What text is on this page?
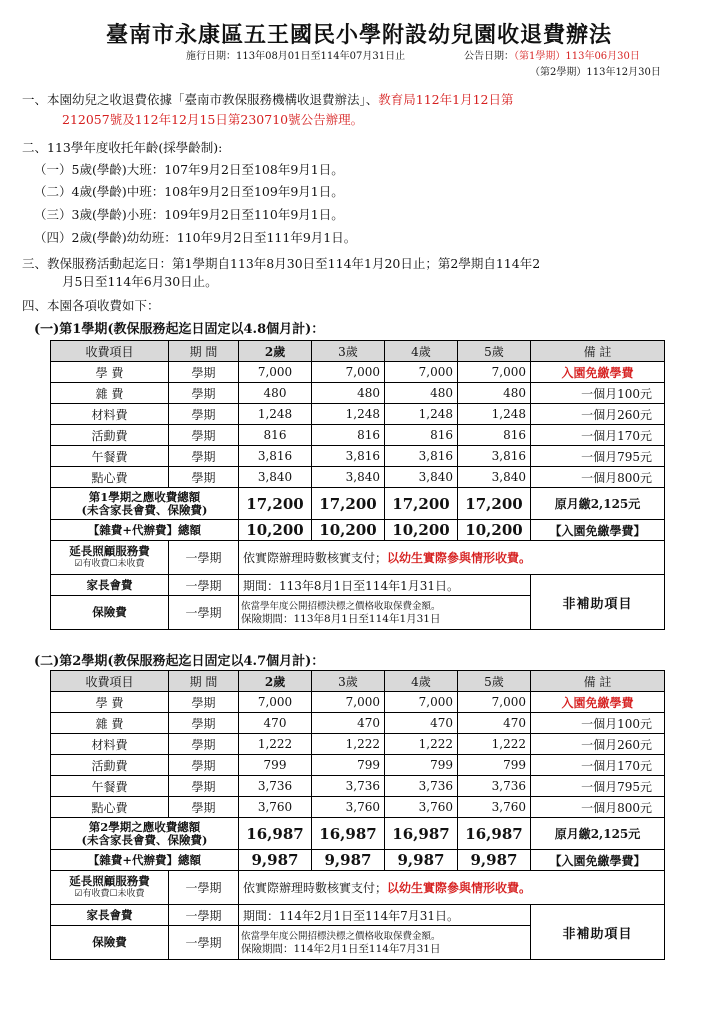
臺南市永康區五王國民小學附設幼兒園收退費辦法
施行日期：113年08月01日至114年07月31日止	公告日期：（第1學期）113年06月30日
（第2學期）113年12月30日
一、本園幼兒之收退費依據「臺南市教保服務機構收退費辦法」、教育局112年1月12日第
212057號及112年12月15日第230710號公告辦理。
二、113學年度收托年齡(採學齡制):
（一）5歲(學齡)大班：107年9月2日至108年9月1日。
（二）4歲(學齡)中班：108年9月2日至109年9月1日。
（三）3歲(學齡)小班：109年9月2日至110年9月1日。
（四）2歲(學齡)幼幼班：110年9月2日至111年9月1日。
三、教保服務活動起迄日：第1學期自113年8月30日至114年1月20日止；第2學期自114年2
月5日至114年6月30日止。
四、本園各項收費如下：
(一)第1學期(教保服務起迄日固定以4.8個月計)：
收費項目	期 間	2歲	3歲	4歲	5歲	備 註
學 費	學期	7,000	7,000	7,000	7,000	入園免繳學費
雜 費	學期	480	480	480	480	一個月100元
材料費	學期	1,248	1,248	1,248	1,248	一個月260元
活動費	學期	816	816	816	816	一個月170元
午餐費	學期	3,816	3,816	3,816	3,816	一個月795元
點心費	學期	3,840	3,840	3,840	3,840	一個月800元

第1學期之應收費總額
(未含家長會費、保險費)		17,200	17,200	17,200	17,200	原月繳2,125元
【雜費+代辦費】總額		10,200	10,200	10,200	10,200	【入園免繳學費】

延長照顧服務費
☑有收費☐未收費	一學期	依實際辦理時數核實支付；以幼生實際參與情形收費。				
家長會費	一學期	期間：113年8月1日至114年1月31日。				非補助項目
保險費	一學期	依當學年度公開招標決標之價格收取保費金額。
保險期間：113年8月1日至114年1月31日				
(二)第2學期(教保服務起迄日固定以4.7個月計)：
收費項目	期 間	2歲	3歲	4歲	5歲	備 註
學 費	學期	7,000	7,000	7,000	7,000	入園免繳學費
雜 費	學期	470	470	470	470	一個月100元
材料費	學期	1,222	1,222	1,222	1,222	一個月260元
活動費	學期	799	799	799	799	一個月170元
午餐費	學期	3,736	3,736	3,736	3,736	一個月795元
點心費	學期	3,760	3,760	3,760	3,760	一個月800元

第2學期之應收費總額
(未含家長會費、保險費)		16,987	16,987	16,987	16,987	原月繳2,125元
【雜費+代辦費】總額		9,987	9,987	9,987	9,987	【入園免繳學費】

延長照顧服務費
☑有收費☐未收費	一學期	依實際辦理時數核實支付；以幼生實際參與情形收費。				
家長會費	一學期	期間：114年2月1日至114年7月31日。				非補助項目
保險費	一學期	依當學年度公開招標決標之價格收取保費金額。
保險期間：114年2月1日至114年7月31日				
